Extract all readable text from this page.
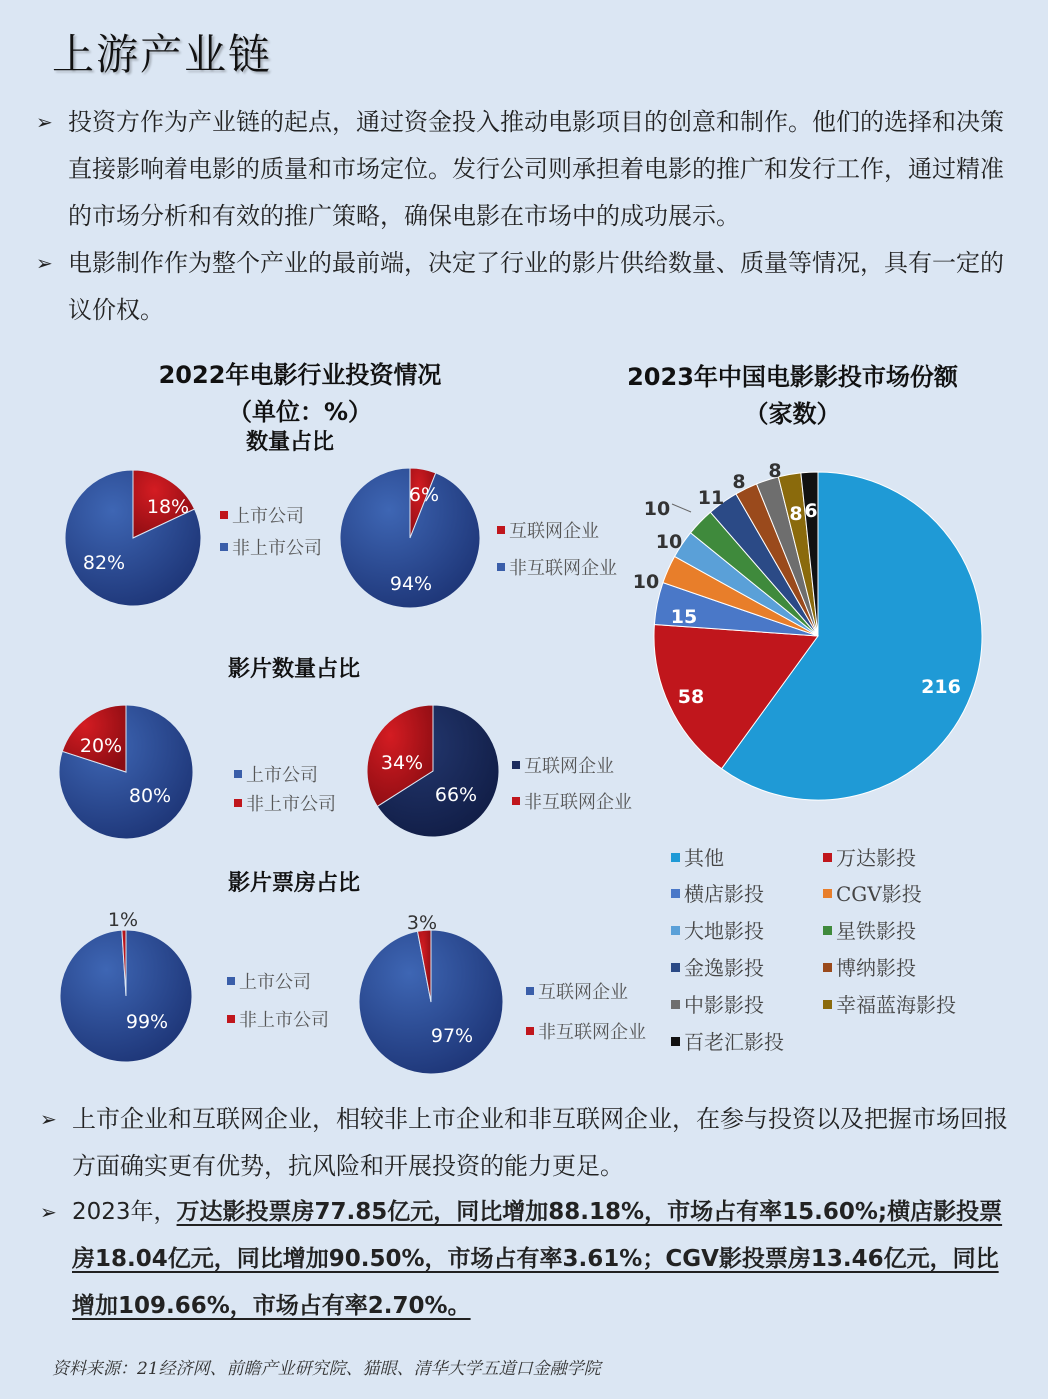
上游产业链
➢ 投资方作为产业链的起点，通过资金投入推动电影项目的创意和制作。他们的选择和决策直接影响着电影的质量和市场定位。发行公司则承担着电影的推广和发行工作，通过精准的市场分析和有效的推广策略，确保电影在市场中的成功展示。
➢ 电影制作作为整个产业的最前端，决定了行业的影片供给数量、质量等情况，具有一定的议价权。
2022年电影行业投资情况
（单位：%）
数量占比
影片数量占比
影片票房占比
2023年中国电影影投市场份额
（家数）
18%
82%
上市公司
非上市公司
6%
94%
互联网企业
非互联网企业
80%
20%
上市公司
非上市公司	66%
34%	互联网企业
非互联网企业
99%
1%
上市公司
非上市公司
97%
3%
互联网企业
非互联网企业
216
58
15
10
10
10 11
8 8
8 6
其他	万达影投
横店影投	CGV影投
大地影投	星铁影投
金逸影投	博纳影投
中影影投	幸福蓝海影投
百老汇影投
➢ 上市企业和互联网企业，相较非上市企业和非互联网企业，在参与投资以及把握市场回报方面确实更有优势，抗风险和开展投资的能力更足。
➢ 2023年，万达影投票房77.85亿元，同比增加88.18%，市场占有率15.60%;横店影投票房18.04亿元，同比增加90.50%，市场占有率3.61%；CGV影投票房13.46亿元，同比增加109.66%，市场占有率2.70%。
资料来源：21经济网、前瞻产业研究院、猫眼、清华大学五道口金融学院
